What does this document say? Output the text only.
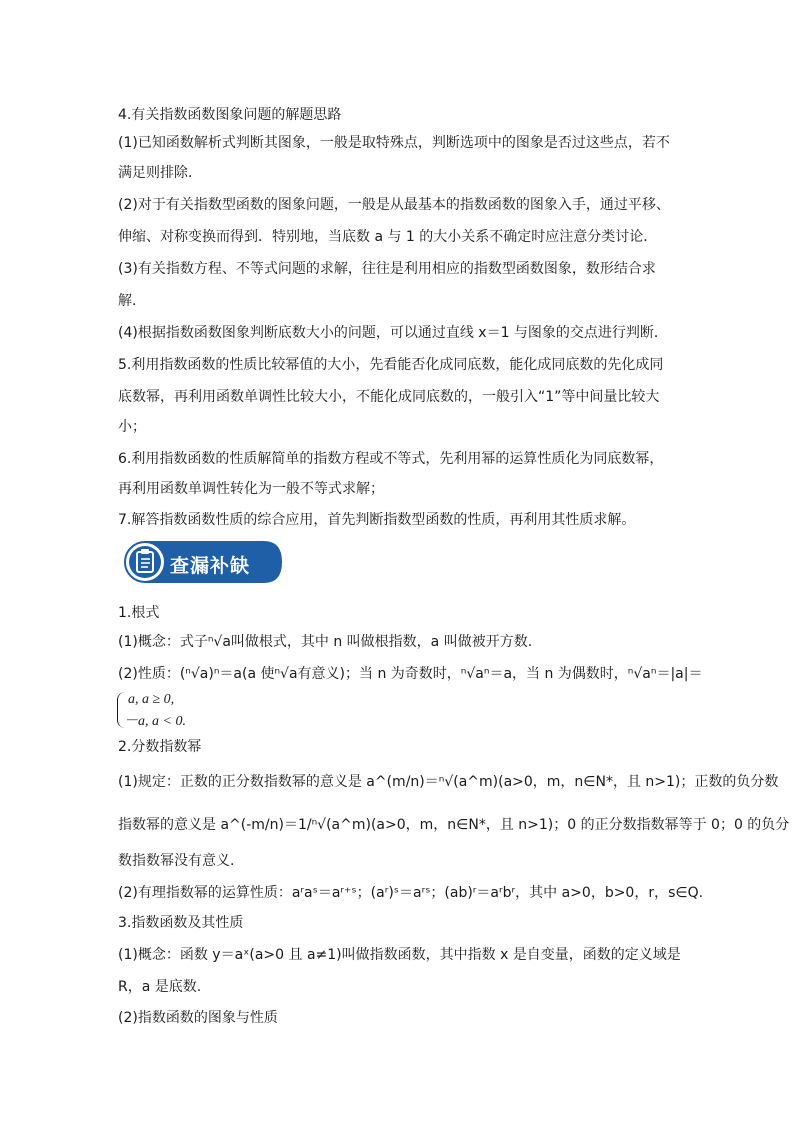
4.有关指数函数图象问题的解题思路
(1)已知函数解析式判断其图象，一般是取特殊点，判断选项中的图象是否过这些点，若不
满足则排除．
(2)对于有关指数型函数的图象问题，一般是从最基本的指数函数的图象入手，通过平移、
伸缩、对称变换而得到．特别地，当底数 a 与 1 的大小关系不确定时应注意分类讨论．
(3)有关指数方程、不等式问题的求解，往往是利用相应的指数型函数图象，数形结合求
解．
(4)根据指数函数图象判断底数大小的问题，可以通过直线 x＝1 与图象的交点进行判断．
5.利用指数函数的性质比较幂值的大小，先看能否化成同底数，能化成同底数的先化成同
底数幂，再利用函数单调性比较大小，不能化成同底数的，一般引入“1”等中间量比较大
小；
6.利用指数函数的性质解简单的指数方程或不等式，先利用幂的运算性质化为同底数幂，
再利用函数单调性转化为一般不等式求解；
7.解答指数函数性质的综合应用，首先判断指数型函数的性质，再利用其性质求解。
查漏补缺
1.根式
(1)概念：式子ⁿ√a叫做根式，其中 n 叫做根指数，a 叫做被开方数.
(2)性质：(ⁿ√a)ⁿ＝a(a 使ⁿ√a有意义)；当 n 为奇数时，ⁿ√aⁿ＝a，当 n 为偶数时，ⁿ√aⁿ＝|a|＝
a, a ≥ 0,
－a, a < 0.
2.分数指数幂
(1)规定：正数的正分数指数幂的意义是 a^(m/n)＝ⁿ√(a^m)(a>0，m，n∈N*，且 n>1)；正数的负分数
指数幂的意义是 a^(-m/n)＝1/ⁿ√(a^m)(a>0，m，n∈N*，且 n>1)；0 的正分数指数幂等于 0；0 的负分
数指数幂没有意义.
(2)有理指数幂的运算性质：aʳaˢ＝aʳ⁺ˢ；(aʳ)ˢ＝aʳˢ；(ab)ʳ＝aʳbʳ，其中 a>0，b>0，r，s∈Q.
3.指数函数及其性质
(1)概念：函数 y＝aˣ(a>0 且 a≠1)叫做指数函数，其中指数 x 是自变量，函数的定义域是
R，a 是底数.
(2)指数函数的图象与性质
